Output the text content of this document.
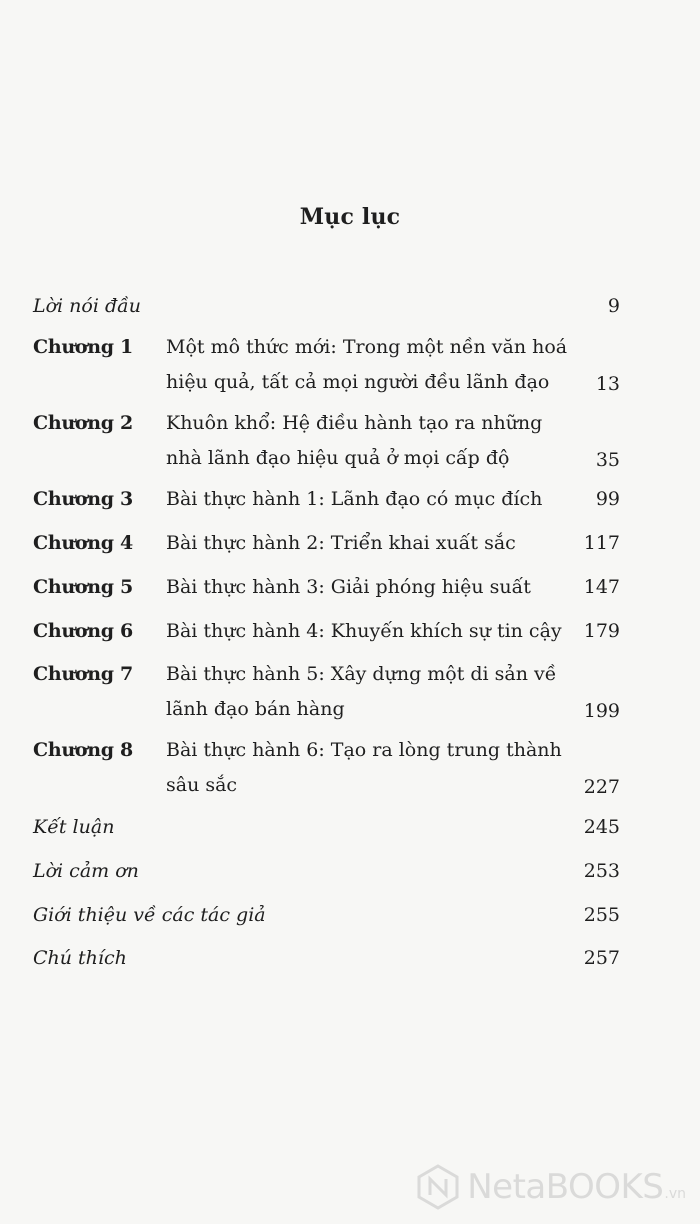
Mục lục
Lời nói đầu	9
Chương 1 Một mô thức mới: Trong một nền văn hoá
hiệu quả, tất cả mọi người đều lãnh đạo	13
Chương 2 Khuôn khổ: Hệ điều hành tạo ra những
nhà lãnh đạo hiệu quả ở mọi cấp độ	35
Chương 3 Bài thực hành 1: Lãnh đạo có mục đích	99
Chương 4 Bài thực hành 2: Triển khai xuất sắc	117
Chương 5 Bài thực hành 3: Giải phóng hiệu suất	147
Chương 6 Bài thực hành 4: Khuyến khích sự tin cậy	179
Chương 7 Bài thực hành 5: Xây dựng một di sản về
lãnh đạo bán hàng	199
Chương 8 Bài thực hành 6: Tạo ra lòng trung thành
sâu sắc	227
Kết luận	245
Lời cảm ơn	253
Giới thiệu về các tác giả	255
Chú thích	257
NetaBOOKS .vn
